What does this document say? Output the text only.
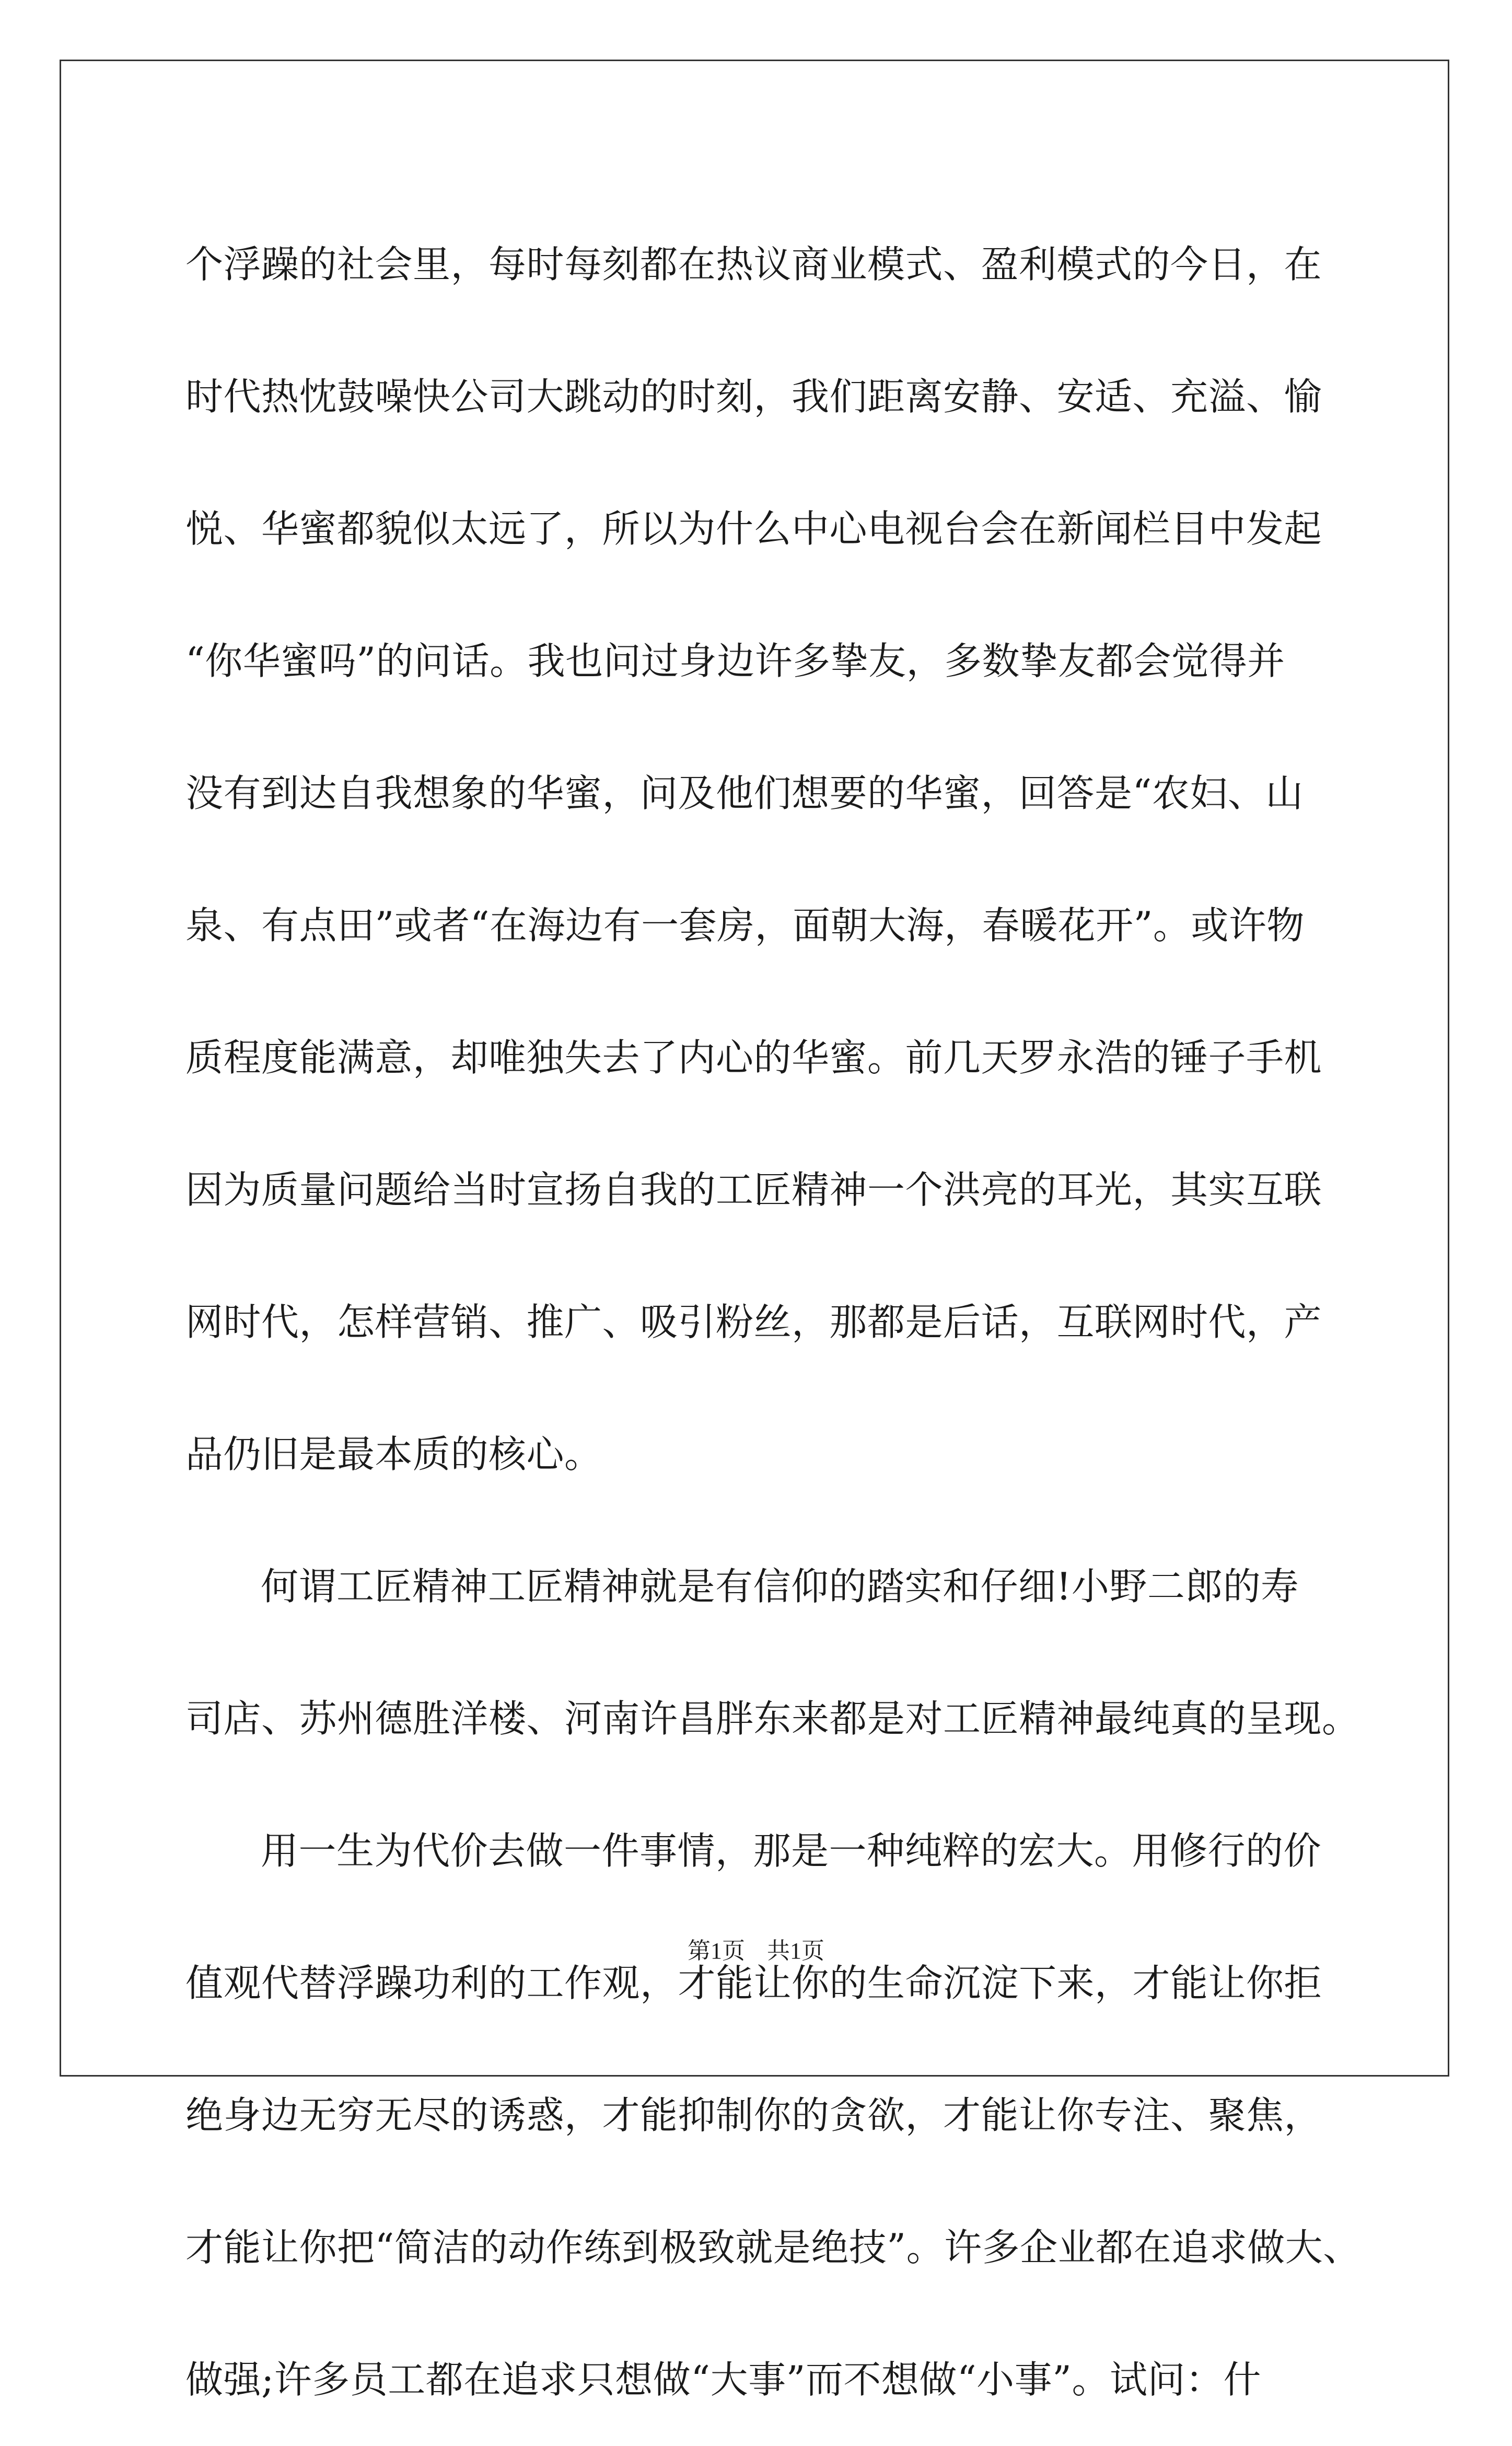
个浮躁的社会里，每时每刻都在热议商业模式、盈利模式的今日，在
时代热忱鼓噪快公司大跳动的时刻，我们距离安静、安适、充溢、愉
悦、华蜜都貌似太远了，所以为什么中心电视台会在新闻栏目中发起
“你华蜜吗”的问话。我也问过身边许多挚友，多数挚友都会觉得并
没有到达自我想象的华蜜，问及他们想要的华蜜，回答是“农妇、山
泉、有点田”或者“在海边有一套房，面朝大海，春暖花开”。或许物
质程度能满意，却唯独失去了内心的华蜜。前几天罗永浩的锤子手机
因为质量问题给当时宣扬自我的工匠精神一个洪亮的耳光，其实互联
网时代，怎样营销、推广、吸引粉丝，那都是后话，互联网时代，产
品仍旧是最本质的核心。
何谓工匠精神工匠精神就是有信仰的踏实和仔细!小野二郎的寿
司店、苏州德胜洋楼、河南许昌胖东来都是对工匠精神最纯真的呈现。
用一生为代价去做一件事情，那是一种纯粹的宏大。用修行的价
值观代替浮躁功利的工作观，才能让你的生命沉淀下来，才能让你拒
绝身边无穷无尽的诱惑，才能抑制你的贪欲，才能让你专注、聚焦，
才能让你把“简洁的动作练到极致就是绝技”。许多企业都在追求做大、
做强;许多员工都在追求只想做“大事”而不想做“小事”。试问：什
第1页 共1页
